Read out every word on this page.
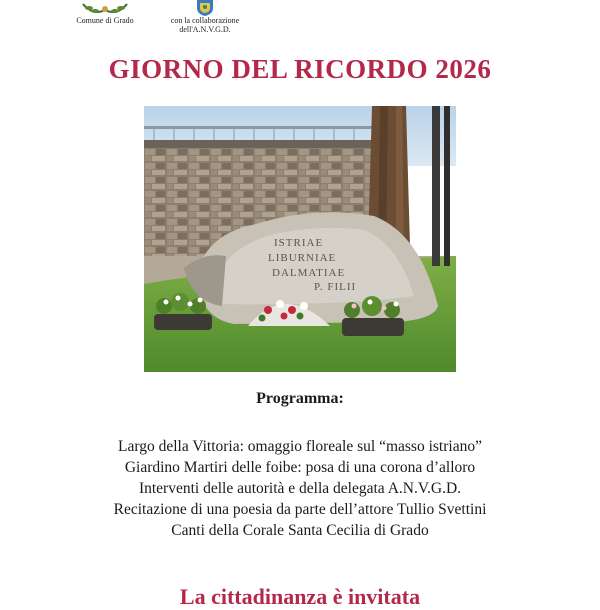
Comune di Grado	con la collaborazione
dell'A.N.V.G.D.
GIORNO DEL RICORDO 2026
ISTRIAE
LIBURNIAE
DALMATIAE
P. FILII
Programma:
Largo della Vittoria: omaggio floreale sul “masso istriano”
Giardino Martiri delle foibe: posa di una corona d’alloro
Interventi delle autorità e della delegata A.N.V.G.D.
Recitazione di una poesia da parte dell’attore Tullio Svettini
Canti della Corale Santa Cecilia di Grado
La cittadinanza è invitata
